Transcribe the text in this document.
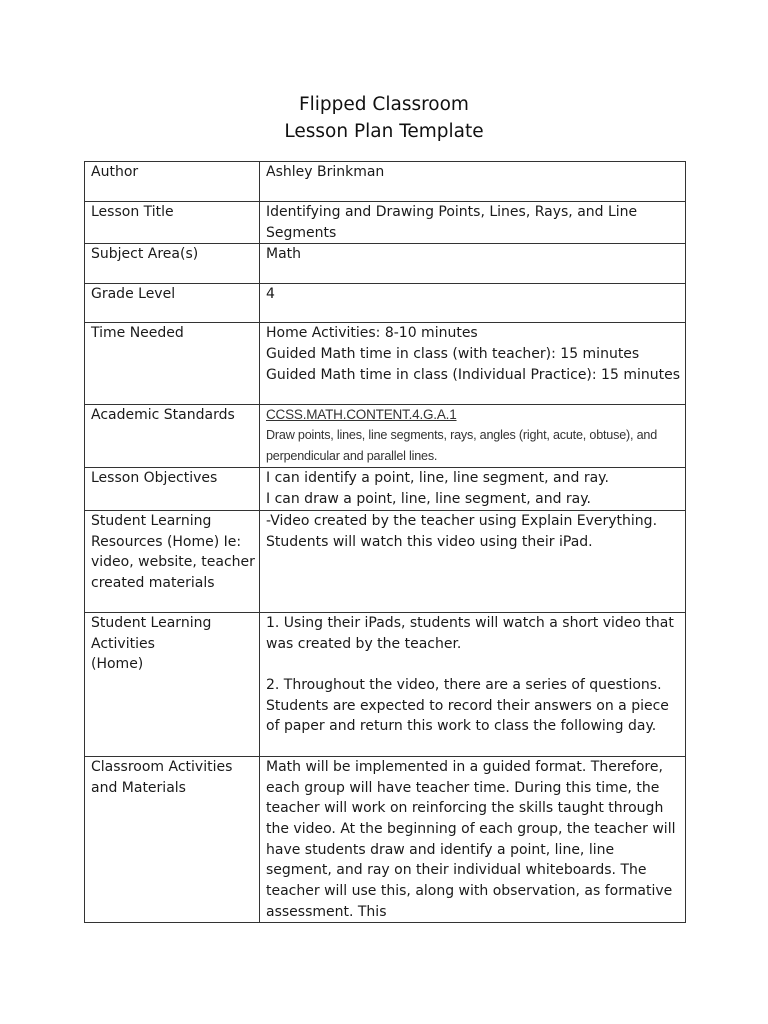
Flipped Classroom
Lesson Plan Template
Author	Ashley Brinkman
Lesson Title	Identifying and Drawing Points, Lines, Rays, and Line Segments
Subject Area(s)	Math
Grade Level	4
Time Needed	Home Activities: 8-10 minutes
Guided Math time in class (with teacher): 15 minutes
Guided Math time in class (Individual Practice): 15 minutes

Academic Standards	CCSS.MATH.CONTENT.4.G.A.1
Draw points, lines, line segments, rays, angles (right, acute, obtuse), and perpendicular and parallel lines.

Lesson Objectives	I can identify a point, line, line segment, and ray.
I can draw a point, line, line segment, and ray.

Student Learning Resources (Home) Ie: video, website, teacher created materials	-Video created by the teacher using Explain Everything. Students will watch this video using their iPad.
Student Learning Activities
(Home)	1. Using their iPads, students will watch a short video that was created by the teacher.
2. Throughout the video, there are a series of questions. Students are expected to record their answers on a piece of paper and return this work to class the following day.

Classroom Activities and Materials	Math will be implemented in a guided format. Therefore, each group will have teacher time. During this time, the teacher will work on reinforcing the skills taught through the video. At the beginning of each group, the teacher will have students draw and identify a point, line, line segment, and ray on their individual whiteboards. The teacher will use this, along with observation, as formative assessment. This
